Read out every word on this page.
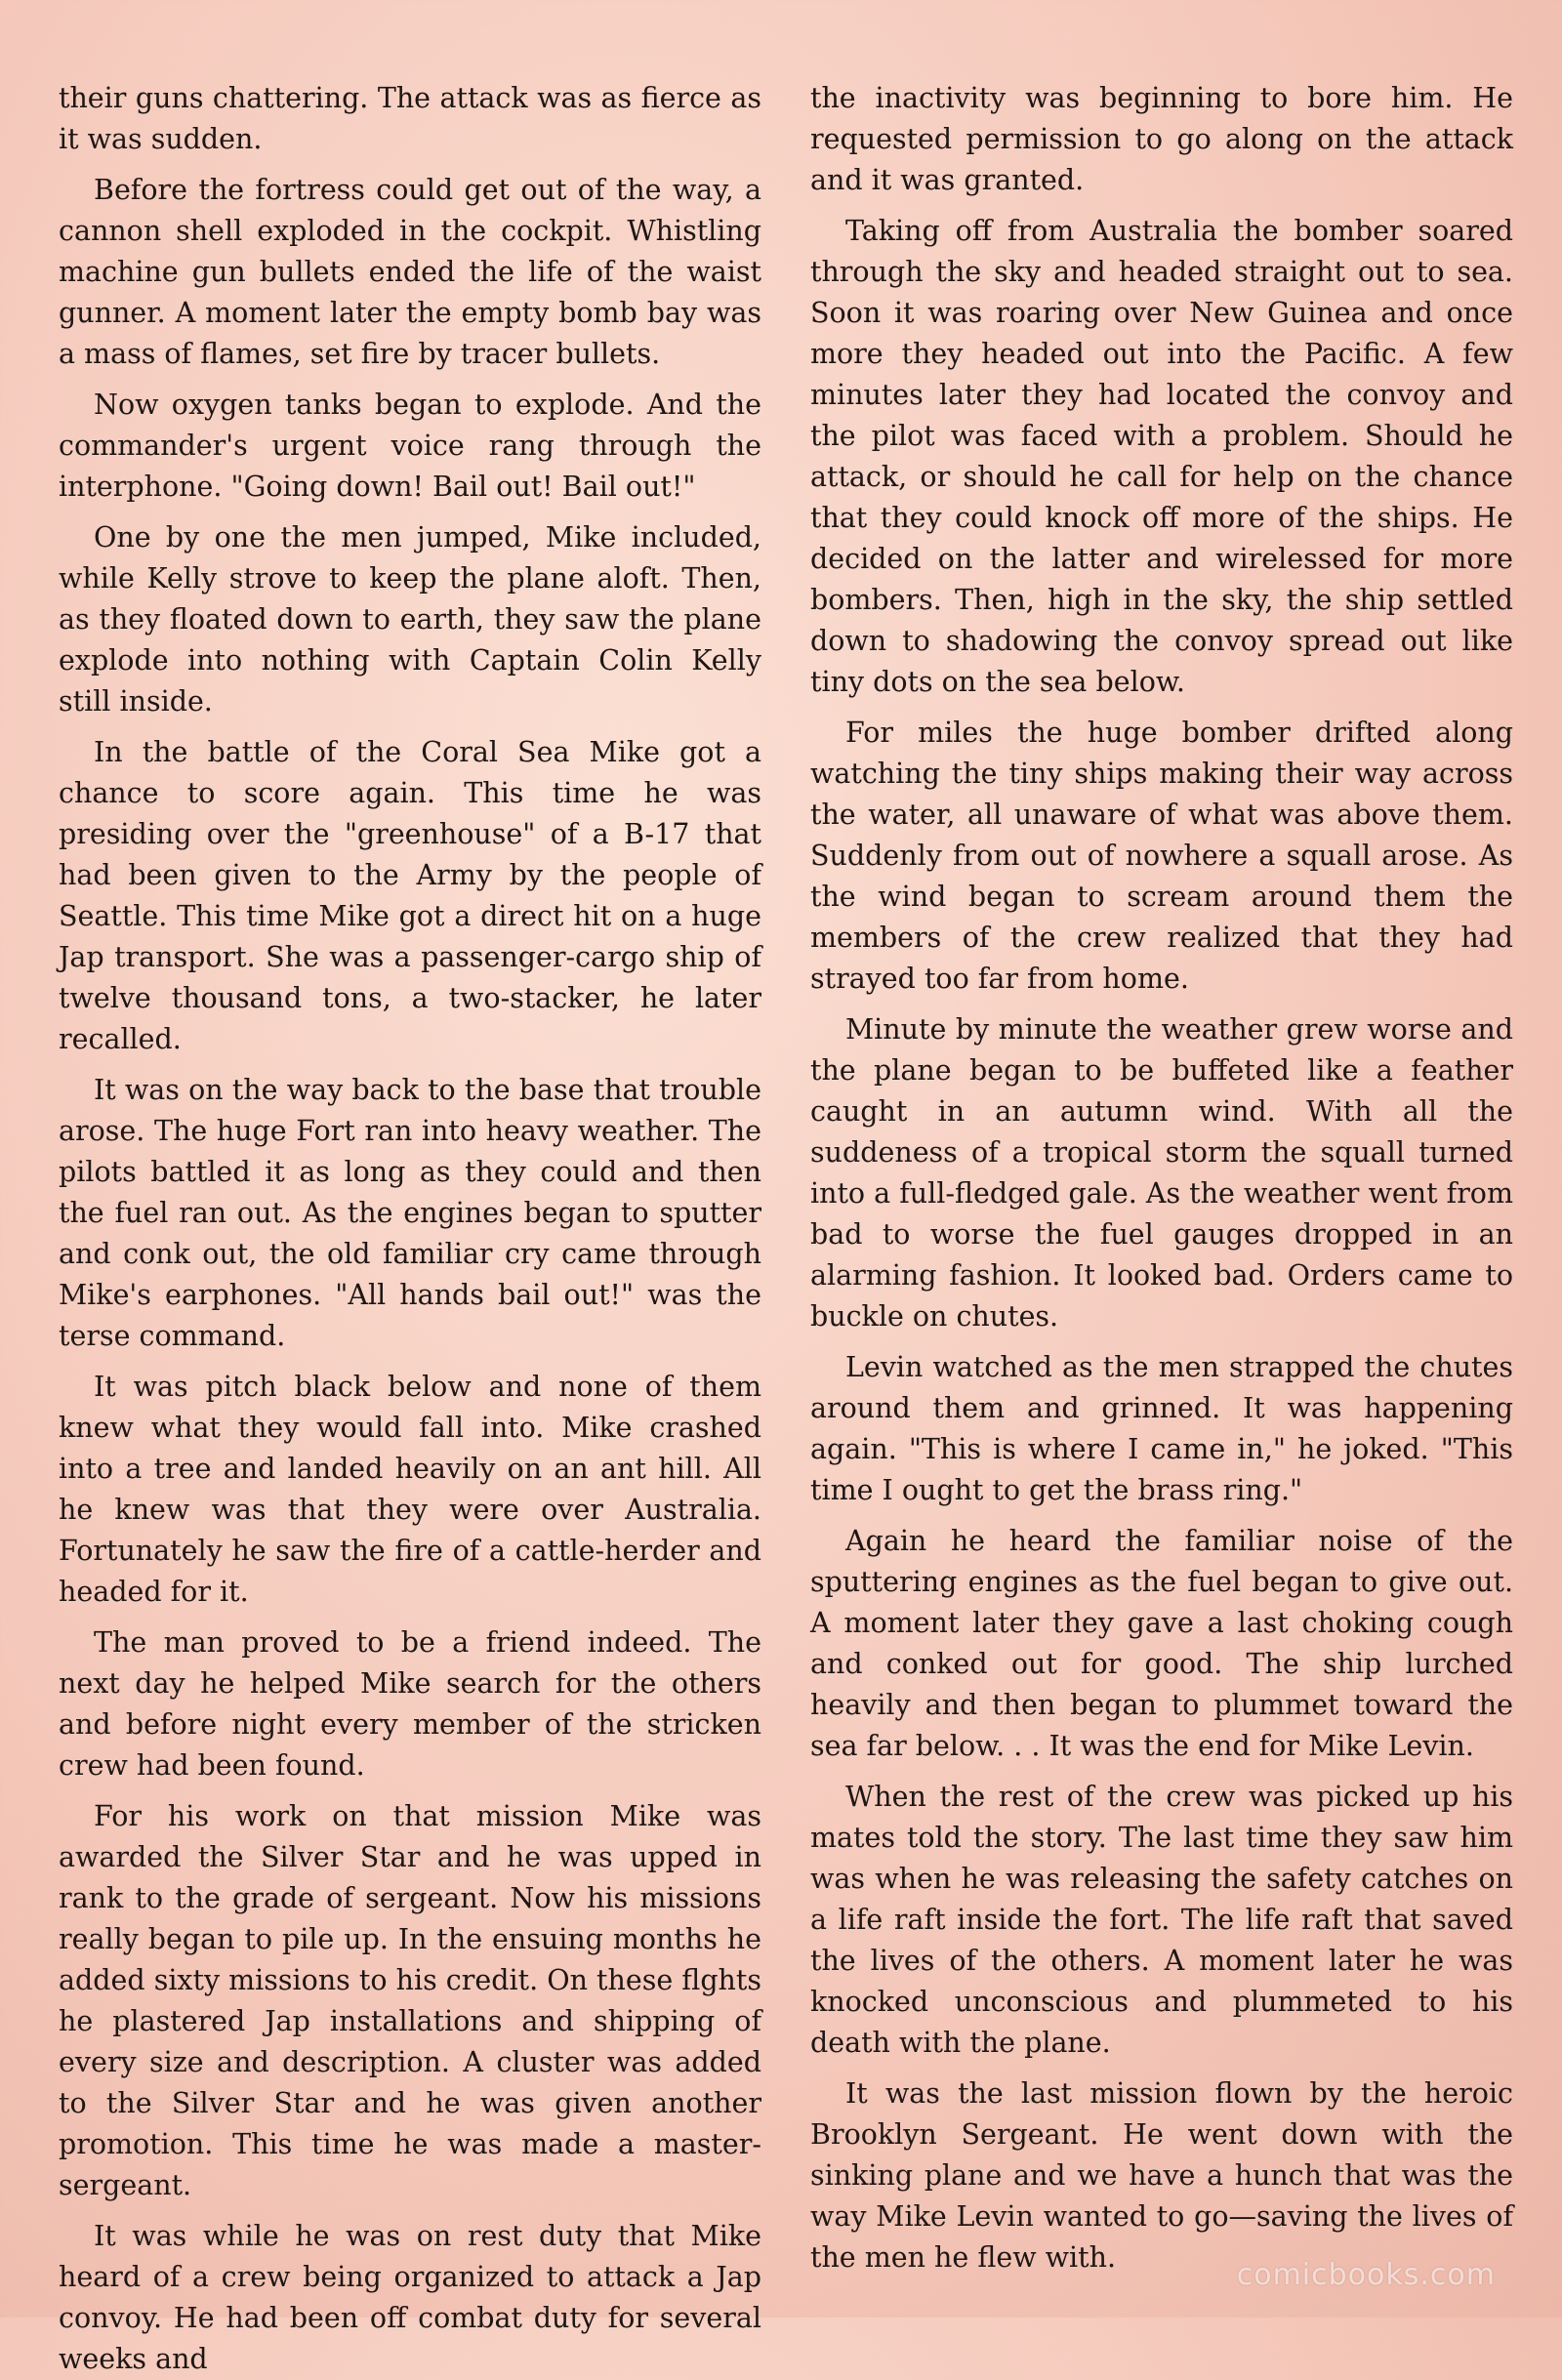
their guns chattering. The attack was as fierce as it was sudden.

Before the fortress could get out of the way, a cannon shell exploded in the cockpit. Whistling machine gun bullets ended the life of the waist gunner. A moment later the empty bomb bay was a mass of flames, set fire by tracer bullets.

Now oxygen tanks began to explode. And the commander's urgent voice rang through the interphone. "Going down! Bail out! Bail out!"

One by one the men jumped, Mike included, while Kelly strove to keep the plane aloft. Then, as they floated down to earth, they saw the plane explode into nothing with Captain Colin Kelly still inside.

In the battle of the Coral Sea Mike got a chance to score again. This time he was presiding over the "greenhouse" of a B-17 that had been given to the Army by the people of Seattle. This time Mike got a direct hit on a huge Jap transport. She was a passenger-cargo ship of twelve thousand tons, a two-stacker, he later recalled.

It was on the way back to the base that trouble arose. The huge Fort ran into heavy weather. The pilots battled it as long as they could and then the fuel ran out. As the engines began to sputter and conk out, the old familiar cry came through Mike's earphones. "All hands bail out!" was the terse command.

It was pitch black below and none of them knew what they would fall into. Mike crashed into a tree and landed heavily on an ant hill. All he knew was that they were over Australia. Fortunately he saw the fire of a cattle-herder and headed for it.

The man proved to be a friend indeed. The next day he helped Mike search for the others and before night every member of the stricken crew had been found.

For his work on that mission Mike was awarded the Silver Star and he was upped in rank to the grade of sergeant. Now his missions really began to pile up. In the ensuing months he added sixty missions to his credit. On these flghts he plastered Jap installations and shipping of every size and description. A cluster was added to the Silver Star and he was given another promotion. This time he was made a master-sergeant.

It was while he was on rest duty that Mike heard of a crew being organized to attack a Jap convoy. He had been off combat duty for several weeks and

the inactivity was beginning to bore him. He requested permission to go along on the attack and it was granted.

Taking off from Australia the bomber soared through the sky and headed straight out to sea. Soon it was roaring over New Guinea and once more they headed out into the Pacific. A few minutes later they had located the convoy and the pilot was faced with a problem. Should he attack, or should he call for help on the chance that they could knock off more of the ships. He decided on the latter and wirelessed for more bombers. Then, high in the sky, the ship settled down to shadowing the convoy spread out like tiny dots on the sea below.

For miles the huge bomber drifted along watching the tiny ships making their way across the water, all unaware of what was above them. Suddenly from out of nowhere a squall arose. As the wind began to scream around them the members of the crew realized that they had strayed too far from home.

Minute by minute the weather grew worse and the plane began to be buffeted like a feather caught in an autumn wind. With all the suddeness of a tropical storm the squall turned into a full-fledged gale. As the weather went from bad to worse the fuel gauges dropped in an alarming fashion. It looked bad. Orders came to buckle on chutes.

Levin watched as the men strapped the chutes around them and grinned. It was happening again. "This is where I came in," he joked. "This time I ought to get the brass ring."

Again he heard the familiar noise of the sputtering engines as the fuel began to give out. A moment later they gave a last choking cough and conked out for good. The ship lurched heavily and then began to plummet toward the sea far below. . . It was the end for Mike Levin.

When the rest of the crew was picked up his mates told the story. The last time they saw him was when he was releasing the safety catches on a life raft inside the fort. The life raft that saved the lives of the others. A moment later he was knocked unconscious and plummeted to his death with the plane.

It was the last mission flown by the heroic Brooklyn Sergeant. He went down with the sinking plane and we have a hunch that was the way Mike Levin wanted to go—saving the lives of the men he flew with.

comicbooks.com
